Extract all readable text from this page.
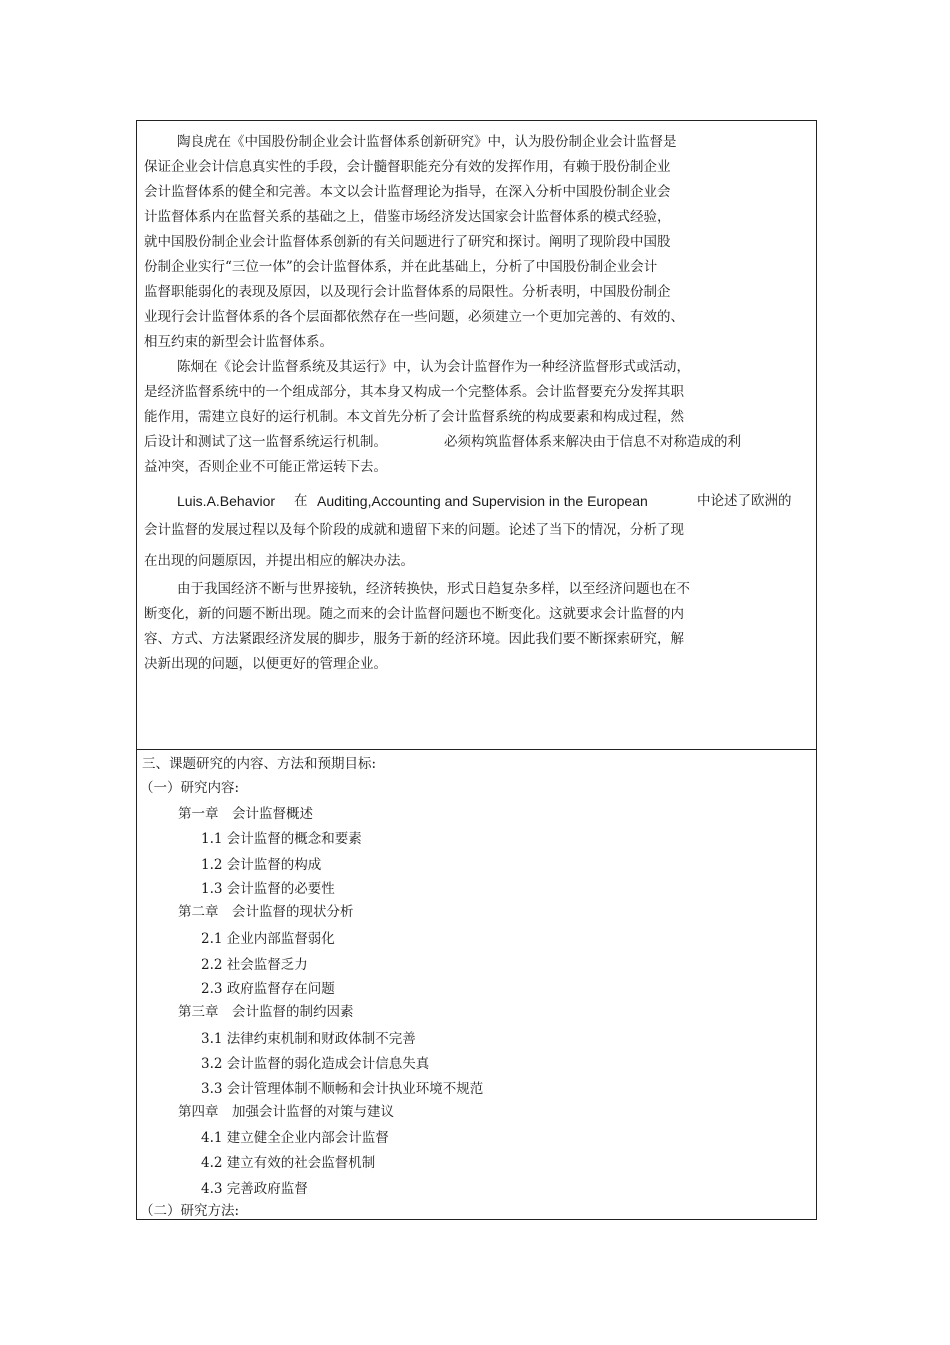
陶良虎在《中国股份制企业会计监督体系创新研究》中，认为股份制企业会计监督是
保证企业会计信息真实性的手段，会计髓督职能充分有效的发挥作用，有赖于股份制企业
会计监督体系的健全和完善。本文以会计监督理论为指导，在深入分析中国股份制企业会
计监督体系内在监督关系的基础之上，借鉴市场经济发达国家会计监督体系的模式经验，
就中国股份制企业会计监督体系创新的有关问题进行了研究和探讨。阐明了现阶段中国股
份制企业实行“三位一体”的会计监督体系，并在此基础上，分析了中国股份制企业会计
监督职能弱化的表现及原因，以及现行会计监督体系的局限性。分析表明，中国股份制企
业现行会计监督体系的各个层面都依然存在一些问题，必须建立一个更加完善的、有效的、
相互约束的新型会计监督体系。
陈炯在《论会计监督系统及其运行》中，认为会计监督作为一种经济监督形式或活动，
是经济监督系统中的一个组成部分，其本身又构成一个完整体系。会计监督要充分发挥其职
能作用，需建立良好的运行机制。本文首先分析了会计监督系统的构成要素和构成过程，然
后设计和测试了这一监督系统运行机制。	必须构筑监督体系来解决由于信息不对称造成的利
益冲突，否则企业不可能正常运转下去。
Luis.A.Behavior 在 Auditing,Accounting and Supervision in the European	中论述了欧洲的
会计监督的发展过程以及每个阶段的成就和遗留下来的问题。论述了当下的情况，分析了现
在出现的问题原因，并提出相应的解决办法。
由于我国经济不断与世界接轨，经济转换快，形式日趋复杂多样，以至经济问题也在不
断变化，新的问题不断出现。随之而来的会计监督问题也不断变化。这就要求会计监督的内
容、方式、方法紧跟经济发展的脚步，服务于新的经济环境。因此我们要不断探索研究，解
决新出现的问题，以便更好的管理企业。
三、课题研究的内容、方法和预期目标:
（一）研究内容:
第一章　会计监督概述
1.1 会计监督的概念和要素
1.2 会计监督的构成
1.3 会计监督的必要性
第二章　会计监督的现状分析
2.1 企业内部监督弱化
2.2 社会监督乏力
2.3 政府监督存在问题
第三章　会计监督的制约因素
3.1 法律约束机制和财政体制不完善
3.2 会计监督的弱化造成会计信息失真
3.3 会计管理体制不顺畅和会计执业环境不规范
第四章　加强会计监督的对策与建议
4.1 建立健全企业内部会计监督
4.2 建立有效的社会监督机制
4.3 完善政府监督
（二）研究方法:
